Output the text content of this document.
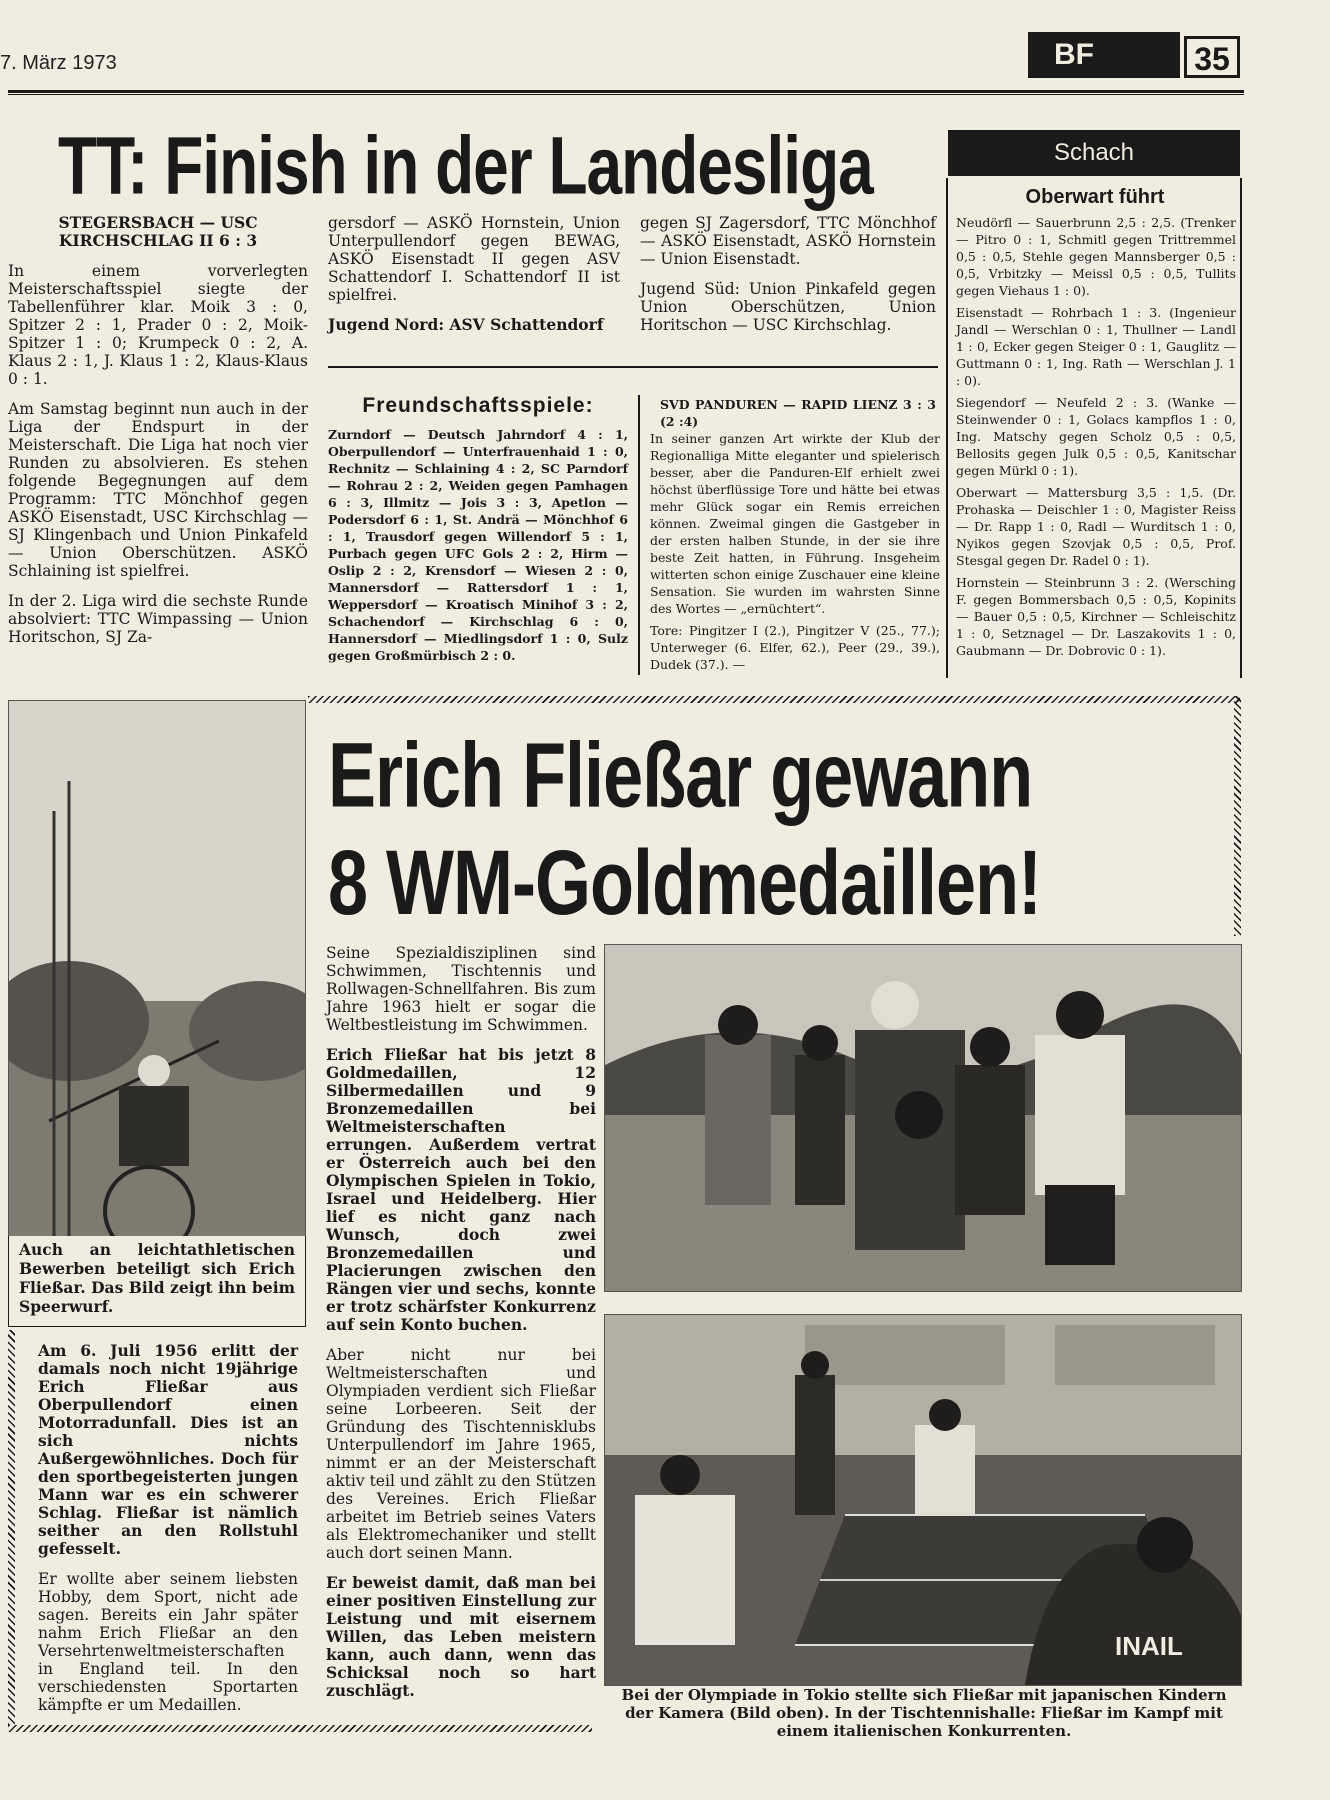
7. März 1973	BF	35
TT: Finish in der Landesliga

STEGERSBACH — USC KIRCHSCHLAG II 6 : 3

In einem vorverlegten Meisterschaftsspiel siegte der Tabellenführer klar. Moik 3 : 0, Spitzer 2 : 1, Prader 0 : 2, Moik-Spitzer 1 : 0; Krumpeck 0 : 2, A. Klaus 2 : 1, J. Klaus 1 : 2, Klaus-Klaus 0 : 1.

Am Samstag beginnt nun auch in der Liga der Endspurt in der Meisterschaft. Die Liga hat noch vier Runden zu absolvieren. Es stehen folgende Begegnungen auf dem Programm: TTC Mönchhof gegen ASKÖ Eisenstadt, USC Kirchschlag — SJ Klingenbach und Union Pinkafeld — Union Oberschützen. ASKÖ Schlaining ist spielfrei.

In der 2. Liga wird die sechste Runde absolviert: TTC Wimpassing — Union Horitschon, SJ Za-

gersdorf — ASKÖ Hornstein, Union Unterpullendorf gegen BEWAG, ASKÖ Eisenstadt II gegen ASV Schattendorf I. Schattendorf II ist spielfrei.

Jugend Nord: ASV Schattendorf

gegen SJ Zagersdorf, TTC Mönchhof — ASKÖ Eisenstadt, ASKÖ Hornstein — Union Eisenstadt.

Jugend Süd: Union Pinkafeld gegen Union Oberschützen, Union Horitschon — USC Kirchschlag.

Freundschaftsspiele:
Zurndorf — Deutsch Jahrndorf 4 : 1, Oberpullendorf — Unterfrauenhaid 1 : 0, Rechnitz — Schlaining 4 : 2, SC Parndorf — Rohrau 2 : 2, Weiden gegen Pamhagen 6 : 3, Illmitz — Jois 3 : 3, Apetlon — Podersdorf 6 : 1, St. Andrä — Mönchhof 6 : 1, Trausdorf gegen Willendorf 5 : 1, Purbach gegen UFC Gols 2 : 2, Hirm — Oslip 2 : 2, Krensdorf — Wiesen 2 : 0, Mannersdorf — Rattersdorf 1 : 1, Weppersdorf — Kroatisch Minihof 3 : 2, Schachendorf — Kirchschlag 6 : 0, Hannersdorf — Miedlingsdorf 1 : 0, Sulz gegen Großmürbisch 2 : 0.
SVD PANDUREN — RAPID LIENZ 3 : 3 (2 :4)

In seiner ganzen Art wirkte der Klub der Regionalliga Mitte eleganter und spielerisch besser, aber die Panduren-Elf erhielt zwei höchst überflüssige Tore und hätte bei etwas mehr Glück sogar ein Remis erreichen können. Zweimal gingen die Gastgeber in der ersten halben Stunde, in der sie ihre beste Zeit hatten, in Führung. Insgeheim witterten schon einige Zuschauer eine kleine Sensation. Sie wurden im wahrsten Sinne des Wortes — „ernüchtert“.

Tore: Pingitzer I (2.), Pingitzer V (25., 77.); Unterweger (6. Elfer, 62.), Peer (29., 39.), Dudek (37.). —

Schach
Oberwart führt

Neudörfl — Sauerbrunn 2,5 : 2,5. (Trenker — Pitro 0 : 1, Schmitl gegen Trittremmel 0,5 : 0,5, Stehle gegen Mannsberger 0,5 : 0,5, Vrbitzky — Meissl 0,5 : 0,5, Tullits gegen Viehaus 1 : 0).

Eisenstadt — Rohrbach 1 : 3. (Ingenieur Jandl — Werschlan 0 : 1, Thullner — Landl 1 : 0, Ecker gegen Steiger 0 : 1, Gauglitz — Guttmann 0 : 1, Ing. Rath — Werschlan J. 1 : 0).

Siegendorf — Neufeld 2 : 3. (Wanke — Steinwender 0 : 1, Golacs kampflos 1 : 0, Ing. Matschy gegen Scholz 0,5 : 0,5, Bellosits gegen Julk 0,5 : 0,5, Kanitschar gegen Mürkl 0 : 1).

Oberwart — Mattersburg 3,5 : 1,5. (Dr. Prohaska — Deischler 1 : 0, Magister Reiss — Dr. Rapp 1 : 0, Radl — Wurditsch 1 : 0, Nyikos gegen Szovjak 0,5 : 0,5, Prof. Stesgal gegen Dr. Radel 0 : 1).

Hornstein — Steinbrunn 3 : 2. (Wersching F. gegen Bommersbach 0,5 : 0,5, Kopinits — Bauer 0,5 : 0,5, Kirchner — Schleischitz 1 : 0, Setznagel — Dr. Laszakovits 1 : 0, Gaubmann — Dr. Dobrovic 0 : 1).

Erich Fließar gewann
8 WM-Goldmedaillen!
Auch an leichtathletischen Bewerben beteiligt sich Erich Fließar. Das Bild zeigt ihn beim Speerwurf.

Am 6. Juli 1956 erlitt der damals noch nicht 19jährige Erich Fließar aus Oberpullendorf einen Motorradunfall. Dies ist an sich nichts Außergewöhnliches. Doch für den sportbegeisterten jungen Mann war es ein schwerer Schlag. Fließar ist nämlich seither an den Rollstuhl gefesselt.

Er wollte aber seinem liebsten Hobby, dem Sport, nicht ade sagen. Bereits ein Jahr später nahm Erich Fließar an den Versehrtenweltmeisterschaften in England teil. In den verschiedensten Sportarten kämpfte er um Medaillen.

Seine Spezialdisziplinen sind Schwimmen, Tischtennis und Rollwagen-Schnellfahren. Bis zum Jahre 1963 hielt er sogar die Weltbestleistung im Schwimmen.

Erich Fließar hat bis jetzt 8 Goldmedaillen, 12 Silbermedaillen und 9 Bronzemedaillen bei Weltmeisterschaften errungen. Außerdem vertrat er Österreich auch bei den Olympischen Spielen in Tokio, Israel und Heidelberg. Hier lief es nicht ganz nach Wunsch, doch zwei Bronzemedaillen und Placierungen zwischen den Rängen vier und sechs, konnte er trotz schärfster Konkurrenz auf sein Konto buchen.

Aber nicht nur bei Weltmeisterschaften und Olympiaden verdient sich Fließar seine Lorbeeren. Seit der Gründung des Tischtennisklubs Unterpullendorf im Jahre 1965, nimmt er an der Meisterschaft aktiv teil und zählt zu den Stützen des Vereines. Erich Fließar arbeitet im Betrieb seines Vaters als Elektromechaniker und stellt auch dort seinen Mann.

Er beweist damit, daß man bei einer positiven Einstellung zur Leistung und mit eisernem Willen, das Leben meistern kann, auch dann, wenn das Schicksal noch so hart zuschlägt.

INAIL
Bei der Olympiade in Tokio stellte sich Fließar mit japanischen Kindern der Kamera (Bild oben). In der Tischtennishalle: Fließar im Kampf mit einem italienischen Konkurrenten.
